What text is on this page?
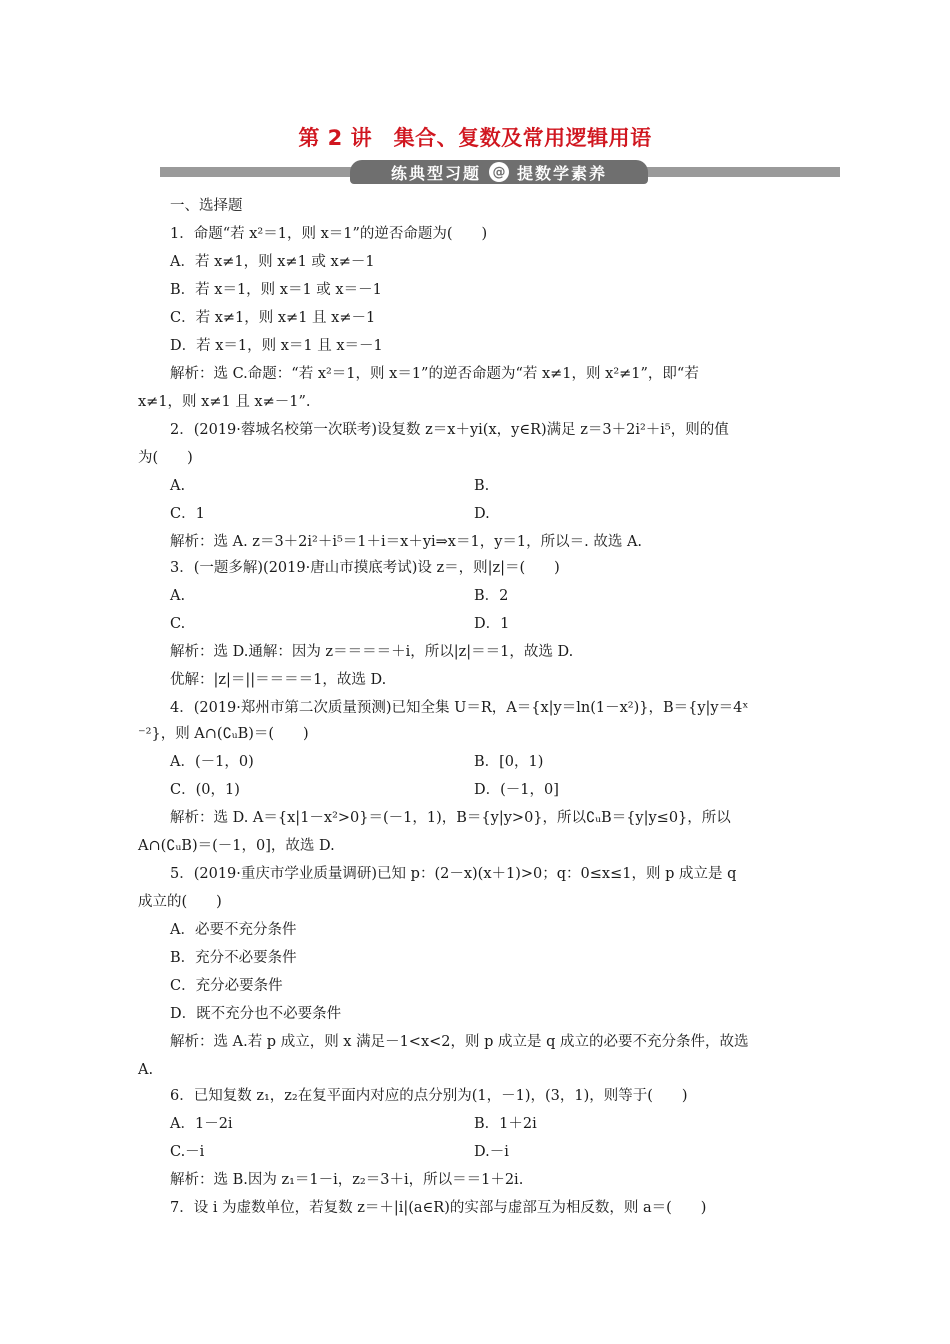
第 2 讲　集合、复数及常用逻辑用语
练典型习题 @ 提数学素养
一、选择题
1．命题“若 x²＝1，则 x＝1”的逆否命题为(　　)
A．若 x≠1，则 x≠1 或 x≠－1
B．若 x＝1，则 x＝1 或 x＝－1
C．若 x≠1，则 x≠1 且 x≠－1
D．若 x＝1，则 x＝1 且 x＝－1
解析：选 C.命题：“若 x²＝1，则 x＝1”的逆否命题为“若 x≠1，则 x²≠1”，即“若
x≠1，则 x≠1 且 x≠－1”.
2．(2019·蓉城名校第一次联考)设复数 z＝x＋yi(x，y∈R)满足 z＝3＋2i²＋i⁵，则的值
为(　　)
A.	B.
C．1	D.
解析：选 A. z＝3＋2i²＋i⁵＝1＋i＝x＋yi⇒x＝1，y＝1，所以＝. 故选 A.
3．(一题多解)(2019·唐山市摸底考试)设 z＝，则|z|＝(　　)
A.	B．2
C.	D．1
解析：选 D.通解：因为 z＝＝＝＝＋i，所以|z|＝＝1，故选 D.
优解：|z|＝||＝＝＝＝1，故选 D.
4．(2019·郑州市第二次质量预测)已知全集 U＝R，A＝{x|y＝ln(1－x²)}，B＝{y|y＝4ˣ
⁻²}，则 A∩(∁ᵤB)＝(　　)
A．(－1，0)	B．[0，1)
C．(0，1)	D．(－1，0]
解析：选 D. A＝{x|1－x²>0}＝(－1，1)，B＝{y|y>0}，所以∁ᵤB＝{y|y≤0}，所以
A∩(∁ᵤB)＝(－1，0]，故选 D.
5．(2019·重庆市学业质量调研)已知 p：(2－x)(x＋1)>0；q：0≤x≤1，则 p 成立是 q
成立的(　　)
A．必要不充分条件
B．充分不必要条件
C．充分必要条件
D．既不充分也不必要条件
解析：选 A.若 p 成立，则 x 满足－1<x<2，则 p 成立是 q 成立的必要不充分条件，故选
A.
6．已知复数 z₁，z₂在复平面内对应的点分别为(1，－1)，(3，1)，则等于(　　)
A．1－2i	B．1＋2i
C.－i	D.－i
解析：选 B.因为 z₁＝1－i，z₂＝3＋i，所以＝＝1＋2i.
7．设 i 为虚数单位，若复数 z＝＋|i|(a∈R)的实部与虚部互为相反数，则 a＝(　　)
